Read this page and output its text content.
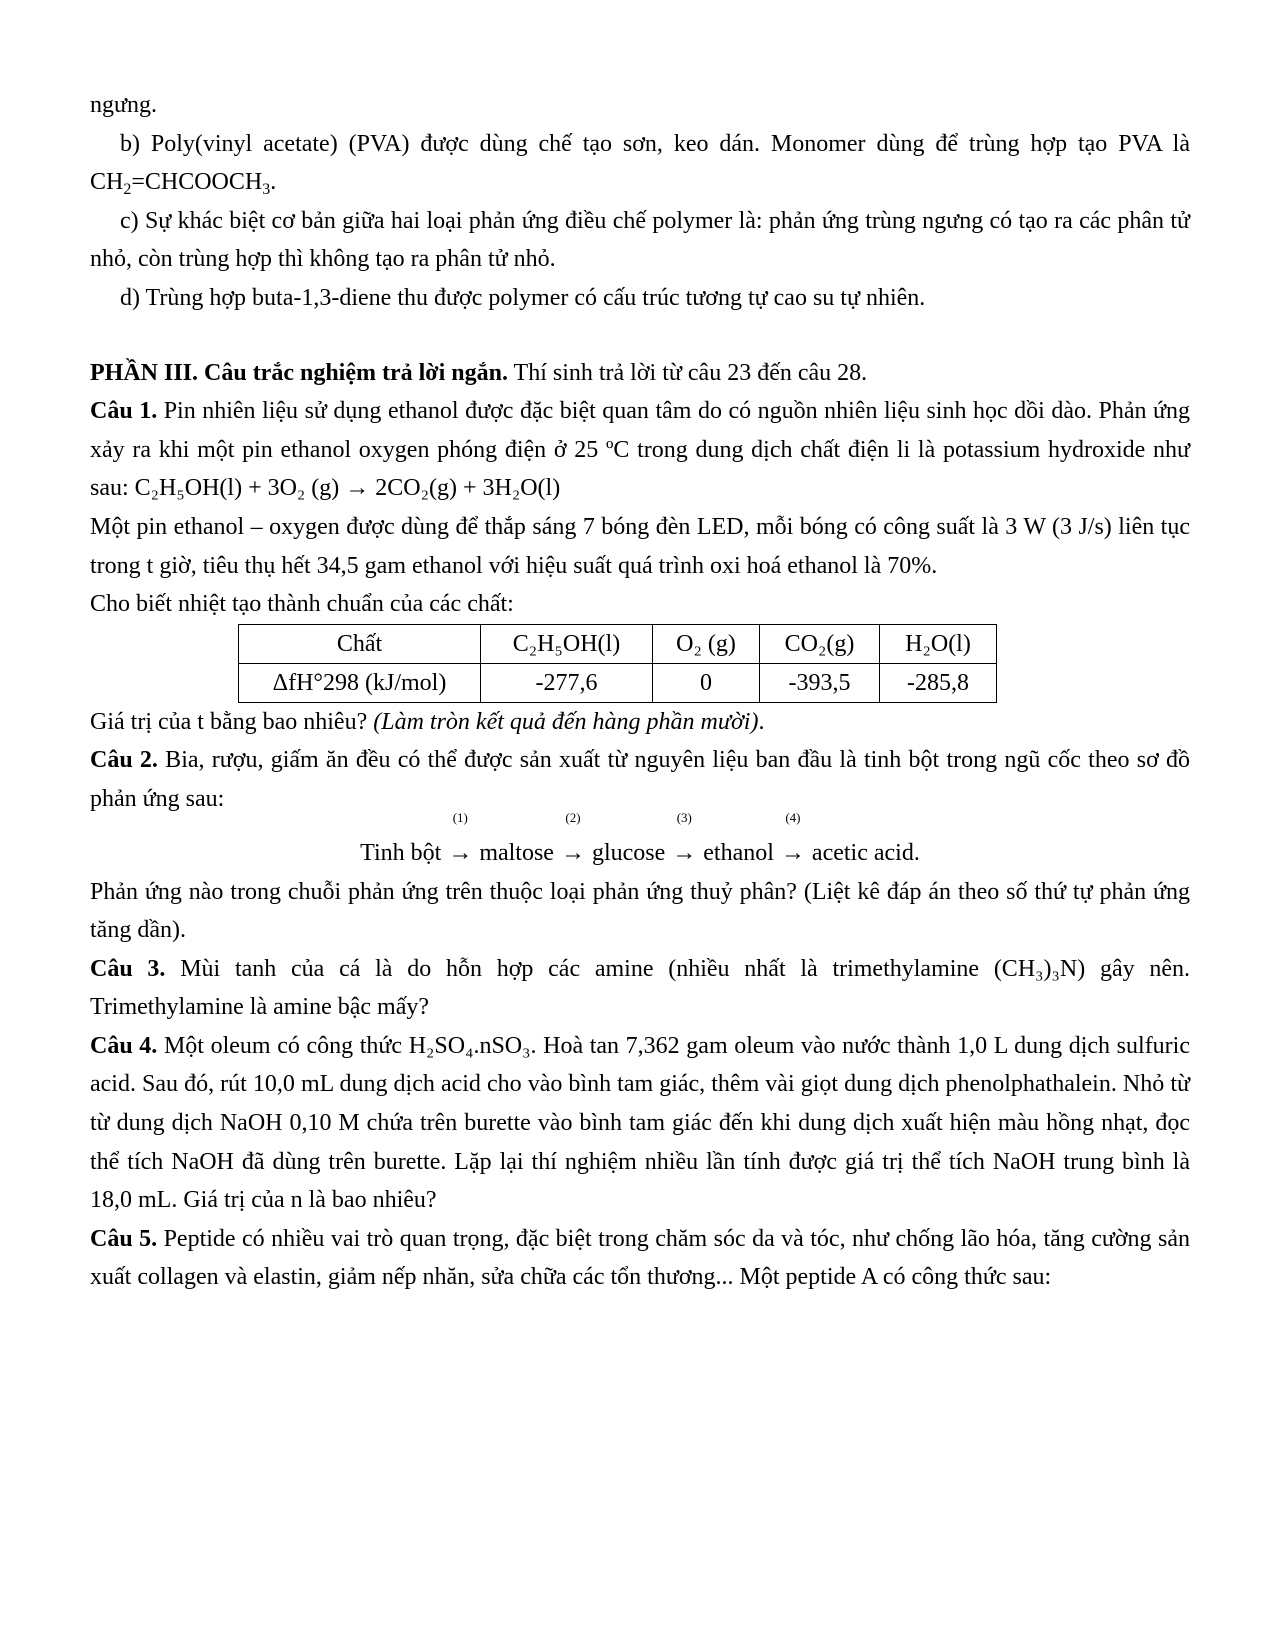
ngưng.

b) Poly(vinyl acetate) (PVA) được dùng chế tạo sơn, keo dán. Monomer dùng để trùng hợp tạo PVA là $CH_2=CHCOOCH_3$.

c) Sự khác biệt cơ bản giữa hai loại phản ứng điều chế polymer là: phản ứng trùng ngưng có tạo ra các phân tử nhỏ, còn trùng hợp thì không tạo ra phân tử nhỏ.

d) Trùng hợp buta-1,3-diene thu được polymer có cấu trúc tương tự cao su tự nhiên.

PHẦN III. Câu trắc nghiệm trả lời ngắn. Thí sinh trả lời từ câu 23 đến câu 28.

Câu 1. Pin nhiên liệu sử dụng ethanol được đặc biệt quan tâm do có nguồn nhiên liệu sinh học dồi dào. Phản ứng xảy ra khi một pin ethanol oxygen phóng điện ở 25 ºC trong dung dịch chất điện li là potassium hydroxide như sau: C₂H₅OH(l) + 3O₂ (g) → 2CO₂(g) + 3H₂O(l)

Một pin ethanol – oxygen được dùng để thắp sáng 7 bóng đèn LED, mỗi bóng có công suất là 3 W (3 J/s) liên tục trong t giờ, tiêu thụ hết 34,5 gam ethanol với hiệu suất quá trình oxi hoá ethanol là 70%.

Cho biết nhiệt tạo thành chuẩn của các chất:

Chất	C₂H₅OH(l)	O₂ (g)	CO₂(g)	H₂O(l)
ΔfH°298 (kJ/mol)	-277,6	0	-393,5	-285,8

Giá trị của t bằng bao nhiêu? (Làm tròn kết quả đến hàng phần mười).

Câu 2. Bia, rượu, giấm ăn đều có thể được sản xuất từ nguyên liệu ban đầu là tinh bột trong ngũ cốc theo sơ đồ phản ứng sau:

Tinh bột
(1)
→ maltose
(2)
→ glucose
(3)
→ ethanol
(4)
→ acetic acid.

Phản ứng nào trong chuỗi phản ứng trên thuộc loại phản ứng thuỷ phân? (Liệt kê đáp án theo số thứ tự phản ứng tăng dần).

Câu 3. Mùi tanh của cá là do hỗn hợp các amine (nhiều nhất là trimethylamine (CH₃)₃N) gây nên. Trimethylamine là amine bậc mấy?

Câu 4. Một oleum có công thức H₂SO₄.nSO₃. Hoà tan 7,362 gam oleum vào nước thành 1,0 L dung dịch sulfuric acid. Sau đó, rút 10,0 mL dung dịch acid cho vào bình tam giác, thêm vài giọt dung dịch phenolphathalein. Nhỏ từ từ dung dịch NaOH 0,10 M chứa trên burette vào bình tam giác đến khi dung dịch xuất hiện màu hồng nhạt, đọc thể tích NaOH đã dùng trên burette. Lặp lại thí nghiệm nhiều lần tính được giá trị thể tích NaOH trung bình là 18,0 mL. Giá trị của n là bao nhiêu?

Câu 5. Peptide có nhiều vai trò quan trọng, đặc biệt trong chăm sóc da và tóc, như chống lão hóa, tăng cường sản xuất collagen và elastin, giảm nếp nhăn, sửa chữa các tổn thương... Một peptide A có công thức sau:
